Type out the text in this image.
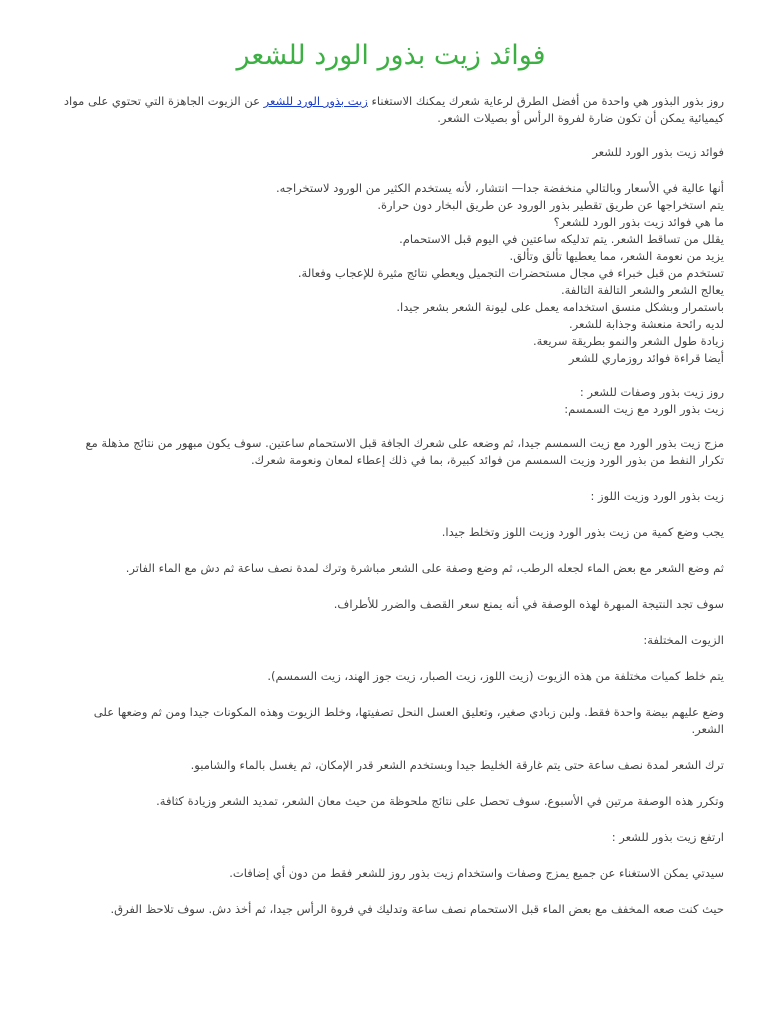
فوائد زيت بذور الورد للشعر

روز بذور البذور هي واحدة من أفضل الطرق لرعاية شعرك يمكنك الاستغناء زيت بذور الورد للشعر عن الزيوت الجاهزة التي تحتوي على مواد كيميائية يمكن أن تكون ضارة لفروة الرأس أو بصيلات الشعر.

فوائد زيت بذور الورد للشعر

أنها عالية في الأسعار وبالتالي منخفضة جدا— انتشار، لأنه يستخدم الكثير من الورود لاستخراجه.

يتم استخراجها عن طريق تقطير بذور الورود عن طريق البخار دون حرارة.

ما هي فوائد زيت بذور الورد للشعر؟

يقلل من تساقط الشعر. يتم تدليكه ساعتين في اليوم قبل الاستحمام.

يزيد من نعومة الشعر، مما يعطيها تألق وتألق.

تستخدم من قبل خبراء في مجال مستحضرات التجميل ويعطي نتائج مثيرة للإعجاب وفعالة.

يعالج الشعر والشعر التالفة التالفة.

باستمرار وبشكل منسق استخدامه يعمل على ليونة الشعر بشعر جيدا.

لديه رائحة منعشة وجذابة للشعر.

زيادة طول الشعر والنمو بطريقة سريعة.

أيضا قراءة فوائد روزماري للشعر

روز زيت بذور وصفات للشعر :

زيت بذور الورد مع زيت السمسم:

مزج زيت بذور الورد مع زيت السمسم جيدا، ثم وضعه على شعرك الجافة قبل الاستحمام ساعتين. سوف يكون مبهور من نتائج مذهلة مع تكرار النفط من بذور الورد وزيت السمسم من فوائد كبيرة، بما في ذلك إعطاء لمعان ونعومة شعرك.

زيت بذور الورد وزيت اللوز :

يجب وضع كمية من زيت بذور الورد وزيت اللوز وتخلط جيدا.

ثم وضع الشعر مع بعض الماء لجعله الرطب، ثم وضع وصفة على الشعر مباشرة وترك لمدة نصف ساعة ثم دش مع الماء الفاتر.

سوف تجد النتيجة المبهرة لهذه الوصفة في أنه يمنع سعر القصف والضرر للأطراف.

الزيوت المختلفة:

يتم خلط كميات مختلفة من هذه الزيوت (زيت اللوز، زيت الصبار، زيت جوز الهند، زيت السمسم).

وضع عليهم بيضة واحدة فقط. ولبن زبادي صغير، وتعليق العسل النحل تصفيتها، وخلط الزيوت وهذه المكونات جيدا ومن ثم وضعها على الشعر.

ترك الشعر لمدة نصف ساعة حتى يتم غارقة الخليط جيدا وبستخدم الشعر قدر الإمكان، ثم يغسل بالماء والشامبو.

وتكرر هذه الوصفة مرتين في الأسبوع. سوف تحصل على نتائج ملحوظة من حيث معان الشعر، تمديد الشعر وزيادة كثافة.

ارتفع زيت بذور للشعر :

سيدتي يمكن الاستغناء عن جميع يمزج وصفات واستخدام زيت بذور روز للشعر فقط من دون أي إضافات.

حيث كنت صعه المخفف مع بعض الماء قبل الاستحمام نصف ساعة وتدليك في فروة الرأس جيدا، ثم أخذ دش. سوف تلاحظ الفرق.
